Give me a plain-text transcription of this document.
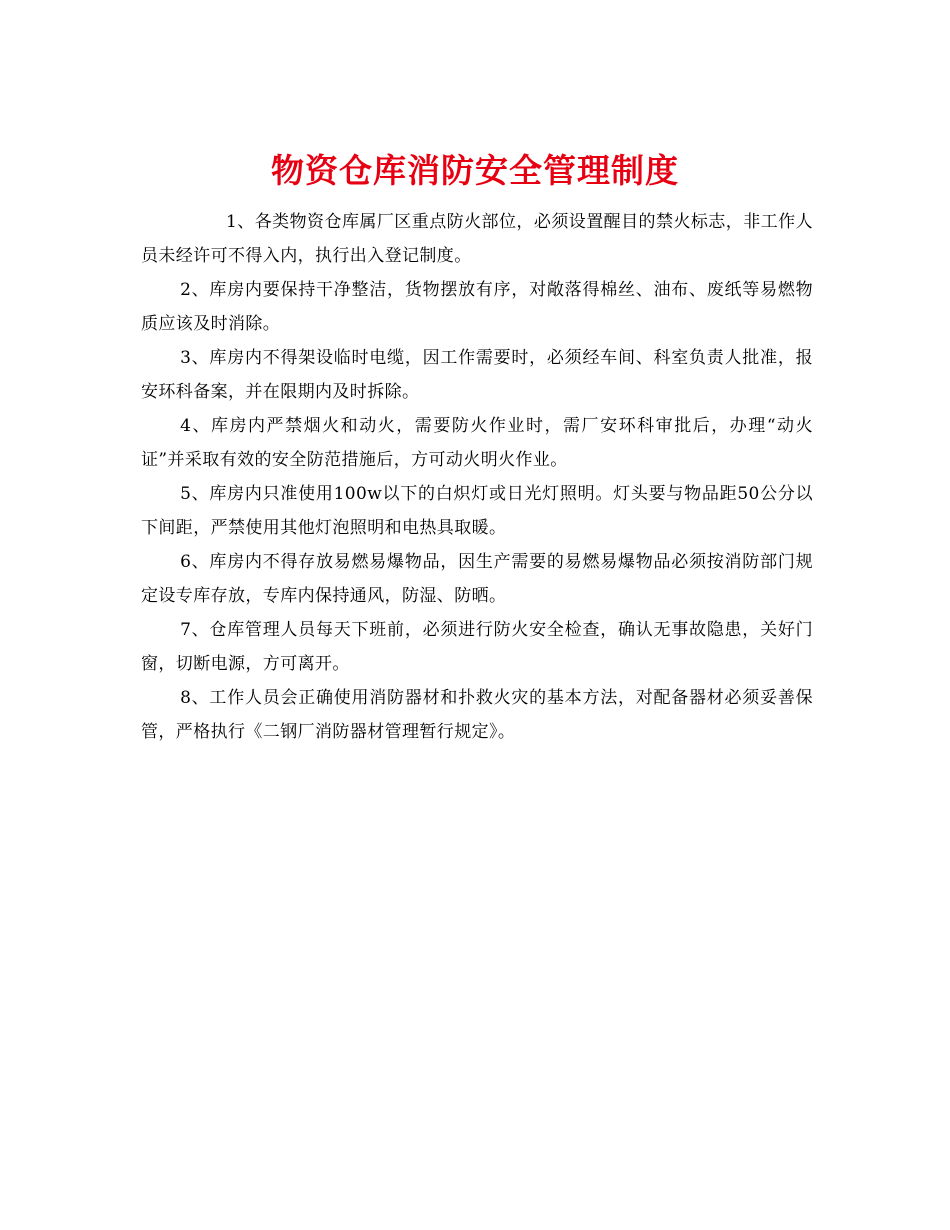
物资仓库消防安全管理制度

1、各类物资仓库属厂区重点防火部位，必须设置醒目的禁火标志，非工作人员未经许可不得入内，执行出入登记制度。

2、库房内要保持干净整洁，货物摆放有序，对敞落得棉丝、油布、废纸等易燃物质应该及时消除。

3、库房内不得架设临时电缆，因工作需要时，必须经车间、科室负责人批准，报安环科备案，并在限期内及时拆除。

4、库房内严禁烟火和动火，需要防火作业时，需厂安环科审批后，办理“动火证”并采取有效的安全防范措施后，方可动火明火作业。

5、库房内只准使用100w以下的白炽灯或日光灯照明。灯头要与物品距50公分以下间距，严禁使用其他灯泡照明和电热具取暖。

6、库房内不得存放易燃易爆物品，因生产需要的易燃易爆物品必须按消防部门规定设专库存放，专库内保持通风，防湿、防晒。

7、仓库管理人员每天下班前，必须进行防火安全检查，确认无事故隐患，关好门窗，切断电源，方可离开。

8、工作人员会正确使用消防器材和扑救火灾的基本方法，对配备器材必须妥善保管，严格执行《二钢厂消防器材管理暂行规定》。
